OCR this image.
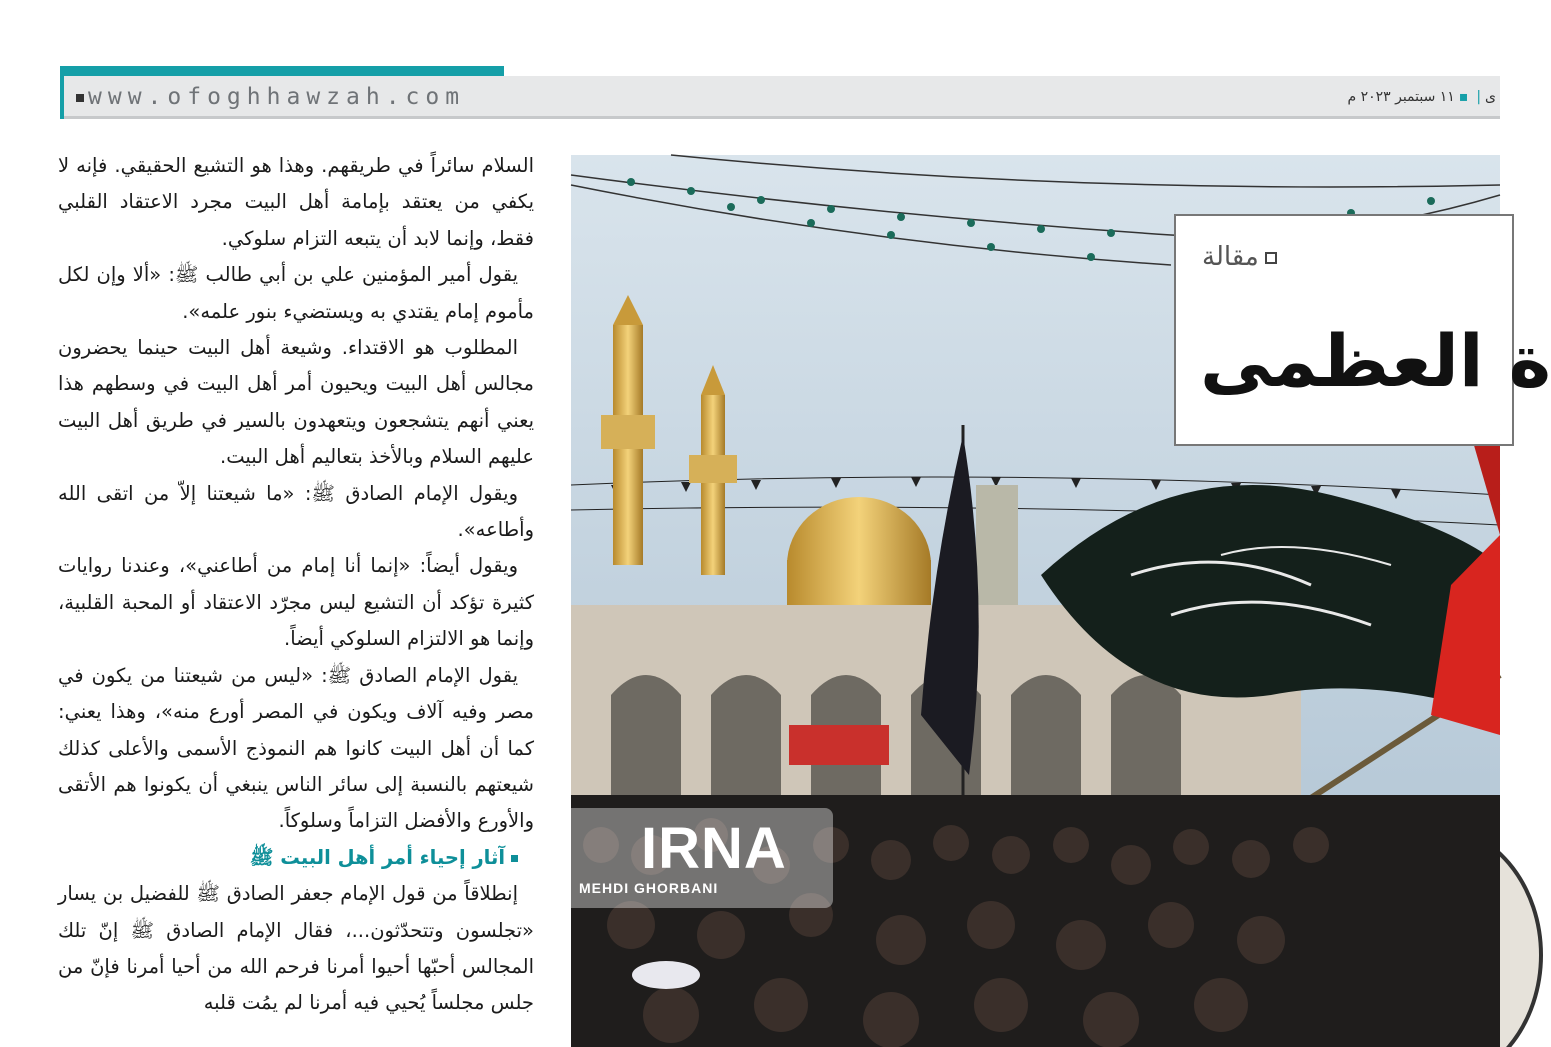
www.ofoghhawzah.com	ی|▪۱۱ سبتمبر ۲۰۲۳ م

السلام سائراً في طريقهم. وهذا هو التشيع الحقيقي. فإنه لا يكفي من يعتقد بإمامة أهل البيت مجرد الاعتقاد القلبي فقط، وإنما لابد أن يتبعه التزام سلوكي.

يقول أمير المؤمنين علي بن أبي طالب ﷺ: «ألا وإن لكل مأموم إمام يقتدي به ويستضيء بنور علمه».

المطلوب هو الاقتداء. وشيعة أهل البيت حينما يحضرون مجالس أهل البيت ويحيون أمر أهل البيت في وسطهم هذا يعني أنهم يتشجعون ويتعهدون بالسير في طريق أهل البيت عليهم السلام وبالأخذ بتعاليم أهل البيت.

ويقول الإمام الصادق ﷺ: «ما شيعتنا إلاّ من اتقى الله وأطاعه».

ويقول أيضاً: «إنما أنا إمام من أطاعني»، وعندنا روايات كثيرة تؤكد أن التشيع ليس مجرّد الاعتقاد أو المحبة القلبية، وإنما هو الالتزام السلوكي أيضاً.

يقول الإمام الصادق ﷺ: «ليس من شيعتنا من يكون في مصر وفيه آلاف ويكون في المصر أورع منه»، وهذا يعني: كما أن أهل البيت كانوا هم النموذج الأسمى والأعلى كذلك شيعتهم بالنسبة إلى سائر الناس ينبغي أن يكونوا هم الأتقى والأورع والأفضل التزاماً وسلوكاً.

آثار إحياء أمر أهل البيت ﷺ

إنطلاقاً من قول الإمام جعفر الصادق ﷺ للفضيل بن يسار «تجلسون وتتحدّثون...، فقال الإمام الصادق ﷺ إنّ تلك المجالس أحبّها أحيوا أمرنا فرحم الله من أحيا أمرنا فإنّ من جلس مجلساً يُحيي فيه أمرنا لم يمُت قلبه

IRNA
MEHDI GHORBANI
مقالة
ة العظمى
